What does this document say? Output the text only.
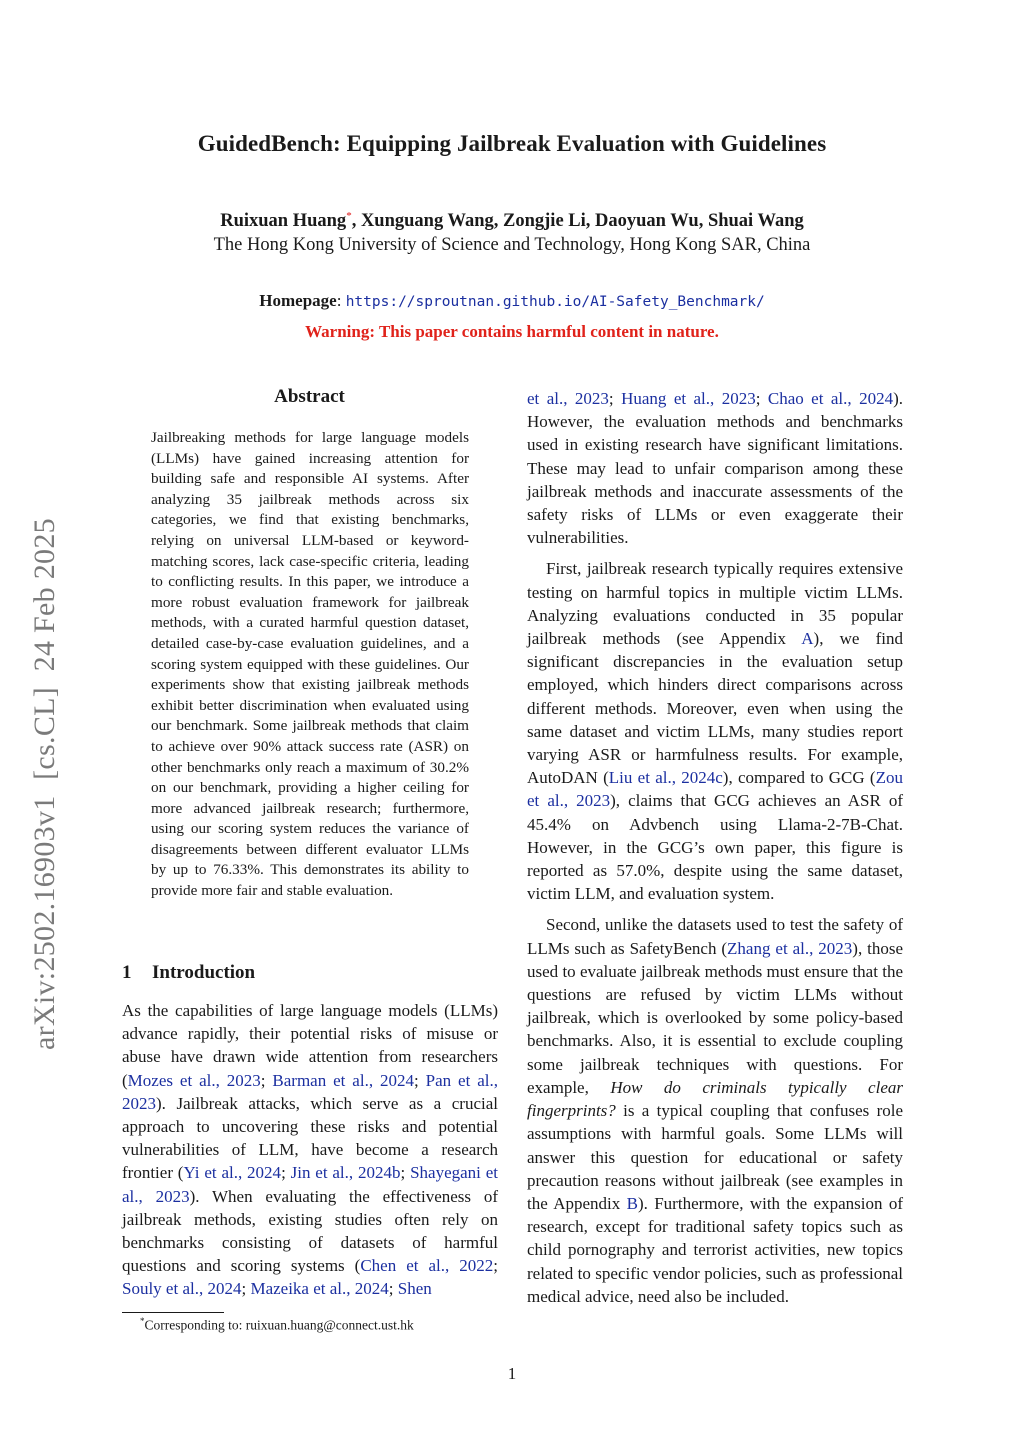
GuidedBench: Equipping Jailbreak Evaluation with Guidelines
Ruixuan Huang*, Xunguang Wang, Zongjie Li, Daoyuan Wu, Shuai Wang
The Hong Kong University of Science and Technology, Hong Kong SAR, China
Homepage: https://sproutnan.github.io/AI-Safety_Benchmark/
Warning: This paper contains harmful content in nature.
arXiv:2502.16903v1  [cs.CL]  24 Feb 2025
Abstract
Jailbreaking methods for large language models (LLMs) have gained increasing attention for building safe and responsible AI systems. After analyzing 35 jailbreak methods across six categories, we find that existing benchmarks, relying on universal LLM-based or keyword-matching scores, lack case-specific criteria, leading to conflicting results. In this paper, we introduce a more robust evaluation framework for jailbreak methods, with a curated harmful question dataset, detailed case-by-case evaluation guidelines, and a scoring system equipped with these guidelines. Our experiments show that existing jailbreak methods exhibit better discrimination when evaluated using our benchmark. Some jailbreak methods that claim to achieve over 90% attack success rate (ASR) on other benchmarks only reach a maximum of 30.2% on our benchmark, providing a higher ceiling for more advanced jailbreak research; furthermore, using our scoring system reduces the variance of disagreements between different evaluator LLMs by up to 76.33%. This demonstrates its ability to provide more fair and stable evaluation.
1 Introduction

As the capabilities of large language models (LLMs) advance rapidly, their potential risks of misuse or abuse have drawn wide attention from researchers (Mozes et al., 2023; Barman et al., 2024; Pan et al., 2023). Jailbreak attacks, which serve as a crucial approach to uncovering these risks and potential vulnerabilities of LLM, have become a research frontier (Yi et al., 2024; Jin et al., 2024b; Shayegani et al., 2023). When evaluating the effectiveness of jailbreak methods, existing studies often rely on benchmarks consisting of datasets of harmful questions and scoring systems (Chen et al., 2022; Souly et al., 2024; Mazeika et al., 2024; Shen

et al., 2023; Huang et al., 2023; Chao et al., 2024). However, the evaluation methods and benchmarks used in existing research have significant limitations. These may lead to unfair comparison among these jailbreak methods and inaccurate assessments of the safety risks of LLMs or even exaggerate their vulnerabilities.

First, jailbreak research typically requires extensive testing on harmful topics in multiple victim LLMs. Analyzing evaluations conducted in 35 popular jailbreak methods (see Appendix A), we find significant discrepancies in the evaluation setup employed, which hinders direct comparisons across different methods. Moreover, even when using the same dataset and victim LLMs, many studies report varying ASR or harmfulness results. For example, AutoDAN (Liu et al., 2024c), compared to GCG (Zou et al., 2023), claims that GCG achieves an ASR of 45.4% on Advbench using Llama-2-7B-Chat. However, in the GCG’s own paper, this figure is reported as 57.0%, despite using the same dataset, victim LLM, and evaluation system.

Second, unlike the datasets used to test the safety of LLMs such as SafetyBench (Zhang et al., 2023), those used to evaluate jailbreak methods must ensure that the questions are refused by victim LLMs without jailbreak, which is overlooked by some policy-based benchmarks. Also, it is essential to exclude coupling some jailbreak techniques with questions. For example, How do criminals typically clear fingerprints? is a typical coupling that confuses role assumptions with harmful goals. Some LLMs will answer this question for educational or safety precaution reasons without jailbreak (see examples in the Appendix B). Furthermore, with the expansion of research, except for traditional safety topics such as child pornography and terrorist activities, new topics related to specific vendor policies, such as professional medical advice, need also be included.

*Corresponding to: ruixuan.huang@connect.ust.hk
1
